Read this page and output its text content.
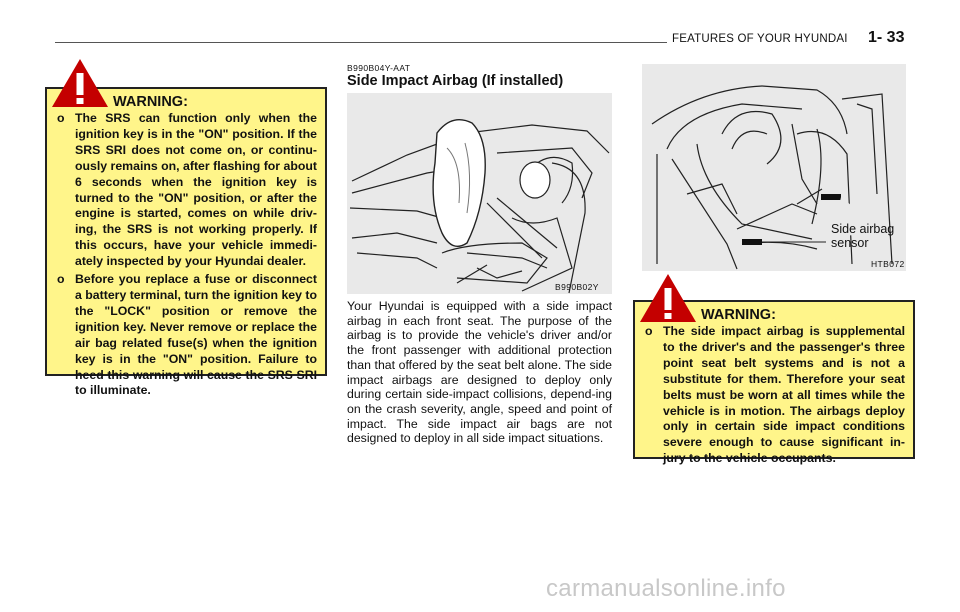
FEATURES OF YOUR HYUNDAI 1- 33
WARNING:
o The SRS can function only when the ignition key is in the "ON" position. If the SRS SRI does not come on, or continu-ously remains on, after flashing for about 6 seconds when the ignition key is turned to the "ON" position, or after the engine is started, comes on while driv-ing, the SRS is not working properly. If this occurs, have your vehicle immedi-ately inspected by your Hyundai dealer.
o Before you replace a fuse or disconnect a battery terminal, turn the ignition key to the "LOCK" position or remove the ignition key. Never remove or replace the air bag related fuse(s) when the ignition key is in the "ON" position. Failure to heed this warning will cause the SRS SRI to illuminate.
B990B04Y-AAT
Side Impact Airbag (If installed)
B990B02Y

Your Hyundai is equipped with a side impact airbag in each front seat. The purpose of the airbag is to provide the vehicle's driver and/or the front passenger with additional protection than that offered by the seat belt alone. The side impact airbags are designed to deploy only during certain side-impact collisions, depend-ing on the crash severity, angle, speed and point of impact. The side impact air bags are not designed to deploy in all side impact situations.

Side airbag
sensor
HTB072
WARNING:
o The side impact airbag is supplemental to the driver's and the passenger's three point seat belt systems and is not a substitute for them. Therefore your seat belts must be worn at all times while the vehicle is in motion. The airbags deploy only in certain side impact conditions severe enough to cause significant in-jury to the vehicle occupants.
carmanualsonline.info
